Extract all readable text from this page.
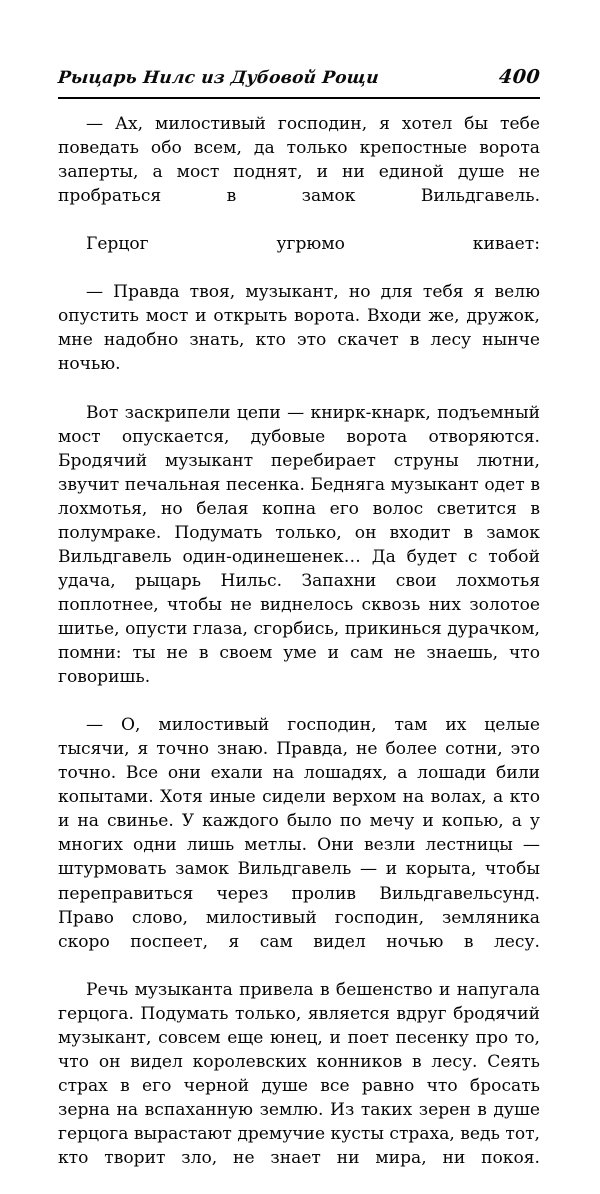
Рыцарь Нилс из Дубовой Рощи	400

— Ах, милостивый господин, я хотел бы тебе поведать обо всем, да только крепостные ворота заперты, а мост поднят, и ни единой душе не пробраться в замок Вильдгавель.

Герцог угрюмо кивает:

— Правда твоя, музыкант, но для тебя я велю опустить мост и открыть ворота. Входи же, дружок, мне надобно знать, кто это скачет в лесу нынче ночью.

Вот заскрипели цепи — книрк-кнарк, подъемный мост опускается, дубовые ворота отворяются. Бродячий музыкант перебирает струны лютни, звучит печальная песенка. Бедняга музыкант одет в лохмотья, но белая копна его волос светится в полумраке. Подумать только, он входит в замок Вильдгавель один-одинешенек… Да будет с тобой удача, рыцарь Нильс. Запахни свои лохмотья поплотнее, чтобы не виднелось сквозь них золотое шитье, опусти глаза, сгорбись, прикинься дурачком, помни: ты не в своем уме и сам не знаешь, что говоришь.

— О, милостивый господин, там их целые тысячи, я точно знаю. Правда, не более сотни, это точно. Все они ехали на лошадях, а лошади били копытами. Хотя иные сидели верхом на волах, а кто и на свинье. У каждого было по мечу и копью, а у многих одни лишь метлы. Они везли лестницы — штурмовать замок Вильдгавель — и корыта, чтобы переправиться через пролив Вильдгавельсунд. Право слово, милостивый господин, земляника скоро поспеет, я сам видел ночью в лесу.

Речь музыканта привела в бешенство и напугала герцога. Подумать только, является вдруг бродячий музыкант, совсем еще юнец, и поет песенку про то, что он видел королевских конников в лесу. Сеять страх в его черной душе все равно что бросать зерна на вспаханную землю. Из таких зерен в душе герцога вырастают дремучие кусты страха, ведь тот, кто творит зло, не знает ни мира, ни покоя.
